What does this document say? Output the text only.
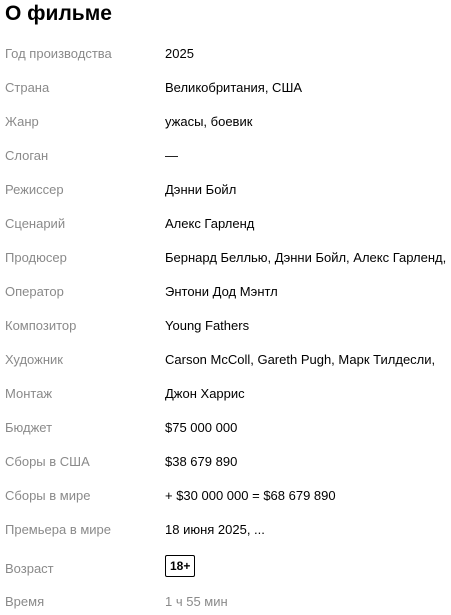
О фильме
Год производства	2025
Страна	Великобритания, США
Жанр	ужасы, боевик
Слоган	—
Режиссер	Дэнни Бойл
Сценарий	Алекс Гарленд
Продюсер	Бернард Беллью, Дэнни Бойл, Алекс Гарленд,
Оператор	Энтони Дод Мэнтл
Композитор	Young Fathers
Художник	Carson McColl, Gareth Pugh, Марк Тилдесли,
Монтаж	Джон Харрис
Бюджет	$75 000 000
Сборы в США	$38 679 890
Сборы в мире	+ $30 000 000 = $68 679 890
Премьера в мире	18 июня 2025, ...
Возраст	18+
Время	1 ч 55 мин
